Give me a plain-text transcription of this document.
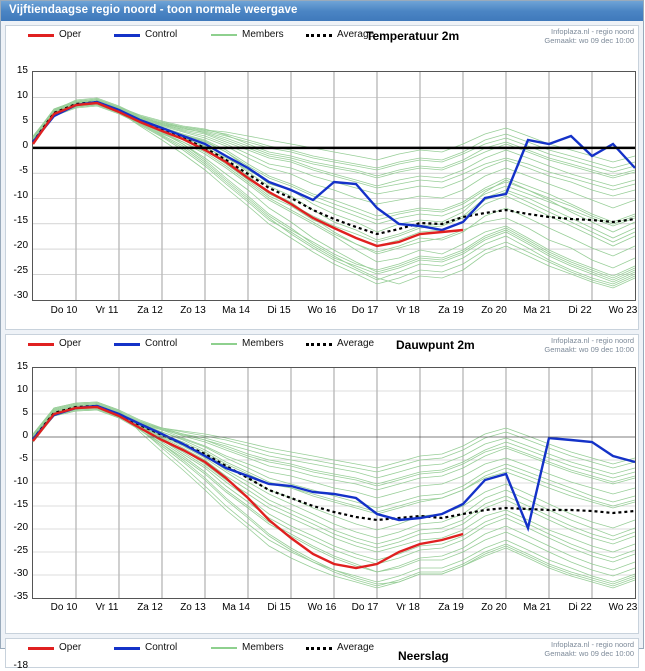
Vijftiendaagse regio noord - toon normale weergave
Oper	Control	Members	Average
Temperatuur 2m	Infoplaza.nl - regio noord
Gemaakt: wo 09 dec 10:00
15
10
5
0
-5
-10
-15
-20
-25
-30
Do 10	Vr 11	Za 12	Zo 13	Ma 14	Di 15	Wo 16	Do 17	Vr 18	Za 19	Zo 20	Ma 21	Di 22	Wo 23
Oper	Control	Members	Average Dauwpunt 2m	Infoplaza.nl - regio noord
Gemaakt: wo 09 dec 10:00
15
10
5
0
-5
-10
-15
-20
-25
-30
-35
Do 10	Vr 11	Za 12	Zo 13	Ma 14	Di 15	Wo 16	Do 17	Vr 18	Za 19	Zo 20	Ma 21	Di 22	Wo 23
Oper	Control	Members	Average
Neerslag
Infoplaza.nl - regio noord
Gemaakt: wo 09 dec 10:00
-18
